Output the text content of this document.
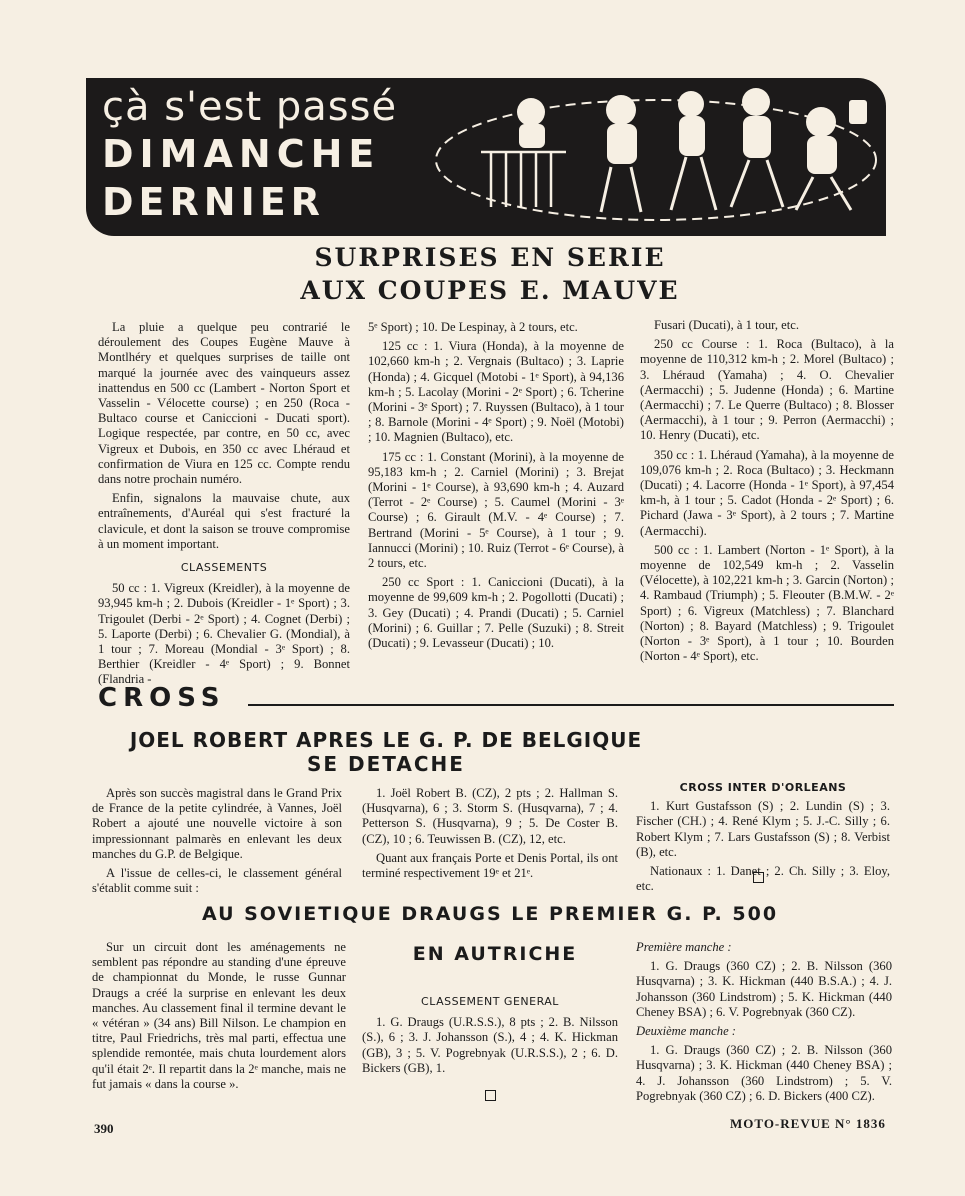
çà s'est passé
DIMANCHE
DERNIER
SURPRISES EN SERIE
AUX COUPES E. MAUVE

La pluie a quelque peu contrarié le déroulement des Coupes Eugène Mauve à Montlhéry et quelques surprises de taille ont marqué la journée avec des vainqueurs assez inattendus en 500 cc (Lambert - Norton Sport et Vasselin - Vélocette course) ; en 250 (Roca - Bultaco course et Caniccioni - Ducati sport). Logique respectée, par contre, en 50 cc, avec Vigreux et Dubois, en 350 cc avec Lhéraud et confirmation de Viura en 125 cc. Compte rendu dans notre prochain numéro.

Enfin, signalons la mauvaise chute, aux entraînements, d'Auréal qui s'est fracturé la clavicule, et dont la saison se trouve compromise à un moment important.

CLASSEMENTS

50 cc : 1. Vigreux (Kreidler), à la moyenne de 93,945 km-h ; 2. Dubois (Kreidler - 1ᵉ Sport) ; 3. Trigoulet (Derbi - 2ᵉ Sport) ; 4. Cognet (Derbi) ; 5. Laporte (Derbi) ; 6. Chevalier G. (Mondial), à 1 tour ; 7. Moreau (Mondial - 3ᵉ Sport) ; 8. Berthier (Kreidler - 4ᵉ Sport) ; 9. Bonnet (Flandria -

5ᵉ Sport) ; 10. De Lespinay, à 2 tours, etc.

125 cc : 1. Viura (Honda), à la moyenne de 102,660 km-h ; 2. Vergnais (Bultaco) ; 3. Laprie (Honda) ; 4. Gicquel (Motobi - 1ᵉ Sport), à 94,136 km-h ; 5. Lacolay (Morini - 2ᵉ Sport) ; 6. Tcherine (Morini - 3ᵉ Sport) ; 7. Ruyssen (Bultaco), à 1 tour ; 8. Barnole (Morini - 4ᵉ Sport) ; 9. Noël (Motobi) ; 10. Magnien (Bultaco), etc.

175 cc : 1. Constant (Morini), à la moyenne de 95,183 km-h ; 2. Carniel (Morini) ; 3. Brejat (Morini - 1ᵉ Course), à 93,690 km-h ; 4. Auzard (Terrot - 2ᵉ Course) ; 5. Caumel (Morini - 3ᵉ Course) ; 6. Girault (M.V. - 4ᵉ Course) ; 7. Bertrand (Morini - 5ᵉ Course), à 1 tour ; 9. Iannucci (Morini) ; 10. Ruiz (Terrot - 6ᵉ Course), à 2 tours, etc.

250 cc Sport : 1. Caniccioni (Ducati), à la moyenne de 99,609 km-h ; 2. Pogollotti (Ducati) ; 3. Gey (Ducati) ; 4. Prandi (Ducati) ; 5. Carniel (Morini) ; 6. Guillar ; 7. Pelle (Suzuki) ; 8. Streit (Ducati) ; 9. Levasseur (Ducati) ; 10.

Fusari (Ducati), à 1 tour, etc.

250 cc Course : 1. Roca (Bultaco), à la moyenne de 110,312 km-h ; 2. Morel (Bultaco) ; 3. Lhéraud (Yamaha) ; 4. O. Chevalier (Aermacchi) ; 5. Judenne (Honda) ; 6. Martine (Aermacchi) ; 7. Le Querre (Bultaco) ; 8. Blosser (Aermacchi), à 1 tour ; 9. Perron (Aermacchi) ; 10. Henry (Ducati), etc.

350 cc : 1. Lhéraud (Yamaha), à la moyenne de 109,076 km-h ; 2. Roca (Bultaco) ; 3. Heckmann (Ducati) ; 4. Lacorre (Honda - 1ᵉ Sport), à 97,454 km-h, à 1 tour ; 5. Cadot (Honda - 2ᵉ Sport) ; 6. Pichard (Jawa - 3ᵉ Sport), à 2 tours ; 7. Martine (Aermacchi).

500 cc : 1. Lambert (Norton - 1ᵉ Sport), à la moyenne de 102,549 km-h ; 2. Vasselin (Vélocette), à 102,221 km-h ; 3. Garcin (Norton) ; 4. Rambaud (Triumph) ; 5. Fleouter (B.M.W. - 2ᵉ Sport) ; 6. Vigreux (Matchless) ; 7. Blanchard (Norton) ; 8. Bayard (Matchless) ; 9. Trigoulet (Norton - 3ᵉ Sport), à 1 tour ; 10. Bourden (Norton - 4ᵉ Sport), etc.

CROSS
JOEL ROBERT APRES LE G. P. DE BELGIQUE
SE DETACHE

Après son succès magistral dans le Grand Prix de France de la petite cylindrée, à Vannes, Joël Robert a ajouté une nouvelle victoire à son impressionnant palmarès en enlevant les deux manches du G.P. de Belgique.

A l'issue de celles-ci, le classement général s'établit comme suit :

1. Joël Robert B. (CZ), 2 pts ; 2. Hallman S. (Husqvarna), 6 ; 3. Storm S. (Husqvarna), 7 ; 4. Petterson S. (Husqvarna), 9 ; 5. De Coster B. (CZ), 10 ; 6. Teuwissen B. (CZ), 12, etc.

Quant aux français Porte et Denis Portal, ils ont terminé respectivement 19ᵉ et 21ᵉ.

CROSS INTER D'ORLEANS

1. Kurt Gustafsson (S) ; 2. Lundin (S) ; 3. Fischer (CH.) ; 4. René Klym ; 5. J.-C. Silly ; 6. Robert Klym ; 7. Lars Gustafsson (S) ; 8. Verbist (B), etc.

Nationaux : 1. Danet ; 2. Ch. Silly ; 3. Eloy, etc.

AU SOVIETIQUE DRAUGS LE PREMIER G. P. 500
EN AUTRICHE

Sur un circuit dont les aménagements ne semblent pas répondre au standing d'une épreuve de championnat du Monde, le russe Gunnar Draugs a créé la surprise en enlevant les deux manches. Au classement final il termine devant le « vétéran » (34 ans) Bill Nilson. Le champion en titre, Paul Friedrichs, très mal parti, effectua une splendide remontée, mais chuta lourdement alors qu'il était 2ᵉ. Il repartit dans la 2ᵉ manche, mais ne fut jamais « dans la course ».

CLASSEMENT GENERAL

1. G. Draugs (U.R.S.S.), 8 pts ; 2. B. Nilsson (S.), 6 ; 3. J. Johansson (S.), 4 ; 4. K. Hickman (GB), 3 ; 5. V. Pogrebnyak (U.R.S.S.), 2 ; 6. D. Bickers (GB), 1.

Première manche :

1. G. Draugs (360 CZ) ; 2. B. Nilsson (360 Husqvarna) ; 3. K. Hickman (440 B.S.A.) ; 4. J. Johansson (360 Lindstrom) ; 5. K. Hickman (440 Cheney BSA) ; 6. V. Pogrebnyak (360 CZ).

Deuxième manche :

1. G. Draugs (360 CZ) ; 2. B. Nilsson (360 Husqvarna) ; 3. K. Hickman (440 Cheney BSA) ; 4. J. Johansson (360 Lindstrom) ; 5. V. Pogrebnyak (360 CZ) ; 6. D. Bickers (400 CZ).

390	MOTO-REVUE N° 1836
